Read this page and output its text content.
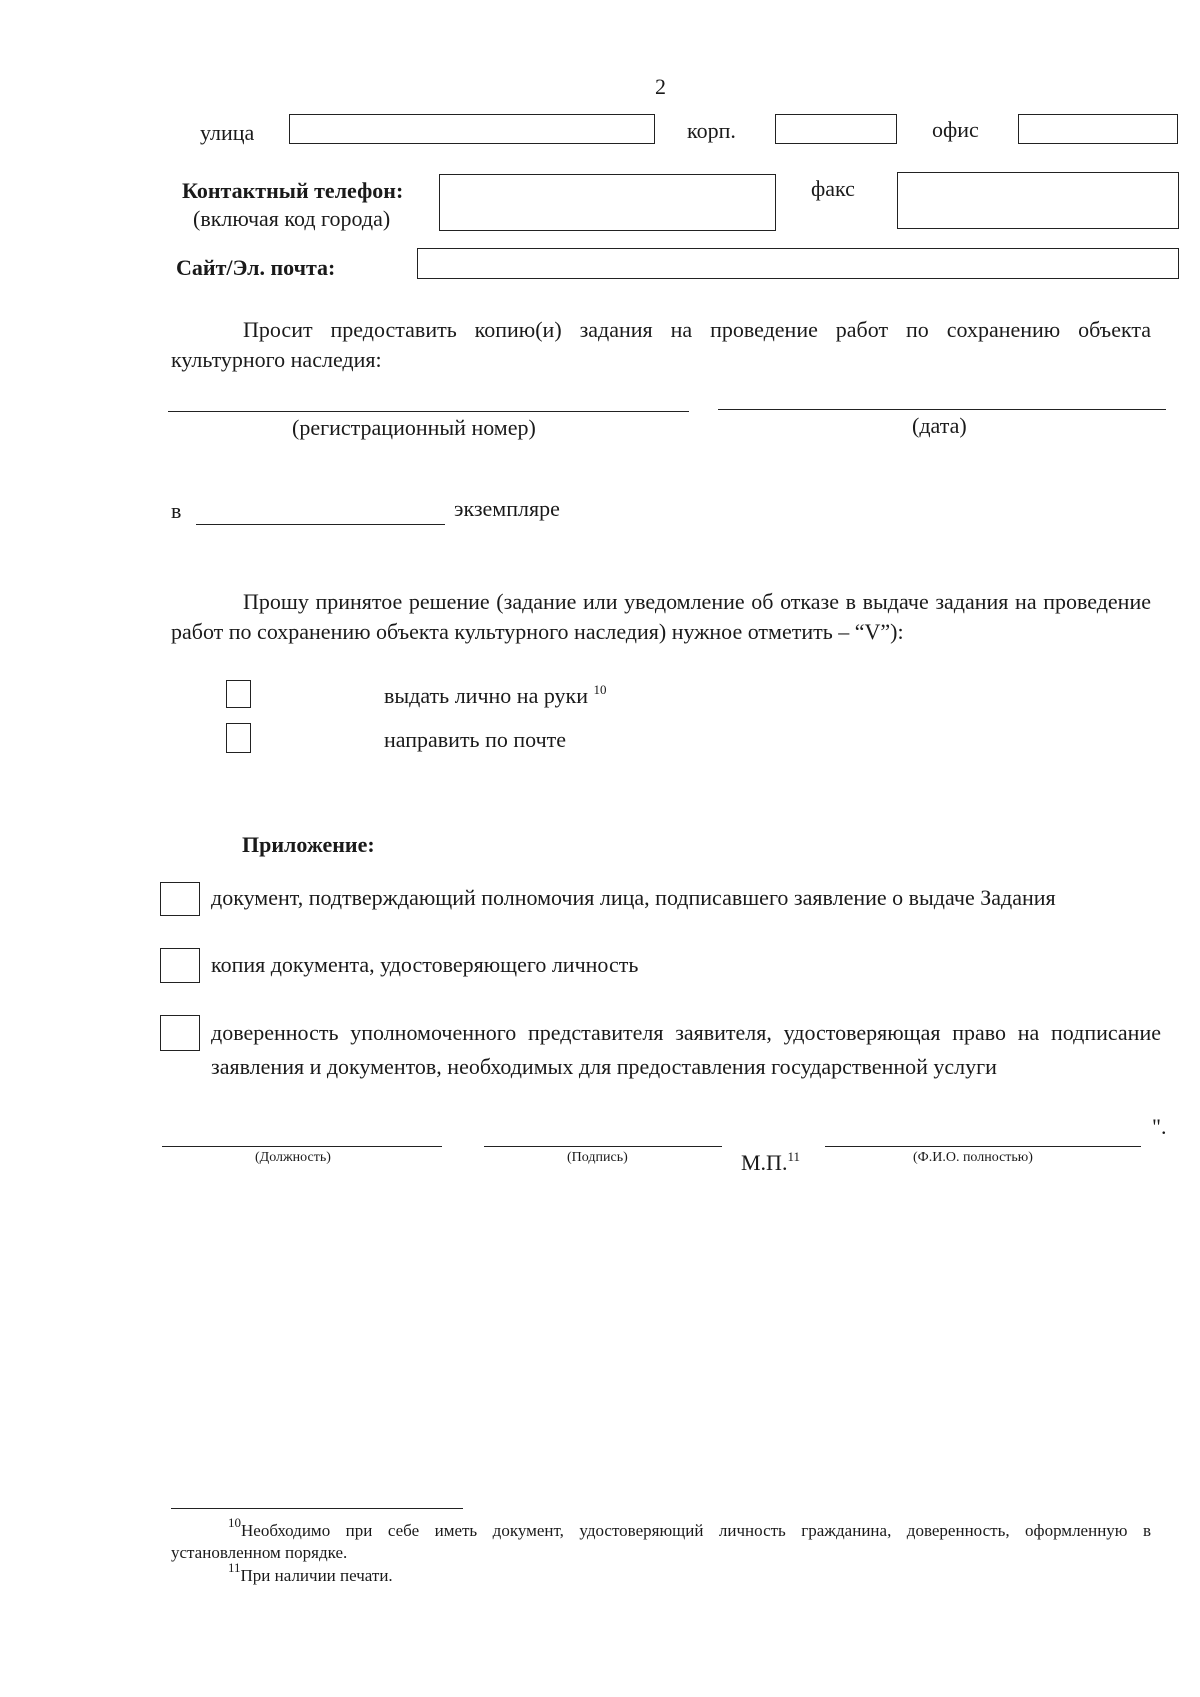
2
улица	корп.	офис
Контактный телефон:
(включая код города)
факс
Сайт/Эл. почта:
Просит предоставить копию(и) задания на проведение работ по сохранению объекта культурного наследия:
(регистрационный номер)	(дата)
в	экземпляре
Прошу принятое решение (задание или уведомление об отказе в выдаче задания на проведение работ по сохранению объекта культурного наследия) нужное отметить – “V”):
выдать лично на руки $^{10}$
направить по почте
Приложение:
документ, подтверждающий полномочия лица, подписавшего заявление о выдаче Задания
копия документа, удостоверяющего личность
доверенность уполномоченного представителя заявителя, удостоверяющая право на подписание заявления и документов, необходимых для предоставления государственной услуги
(Должность)	(Подпись)	М.П.$^{11}$	(Ф.И.О. полностью)
".
$^{10}$Необходимо при себе иметь документ, удостоверяющий личность гражданина, доверенность, оформленную в установленном порядке.
$^{11}$При наличии печати.
